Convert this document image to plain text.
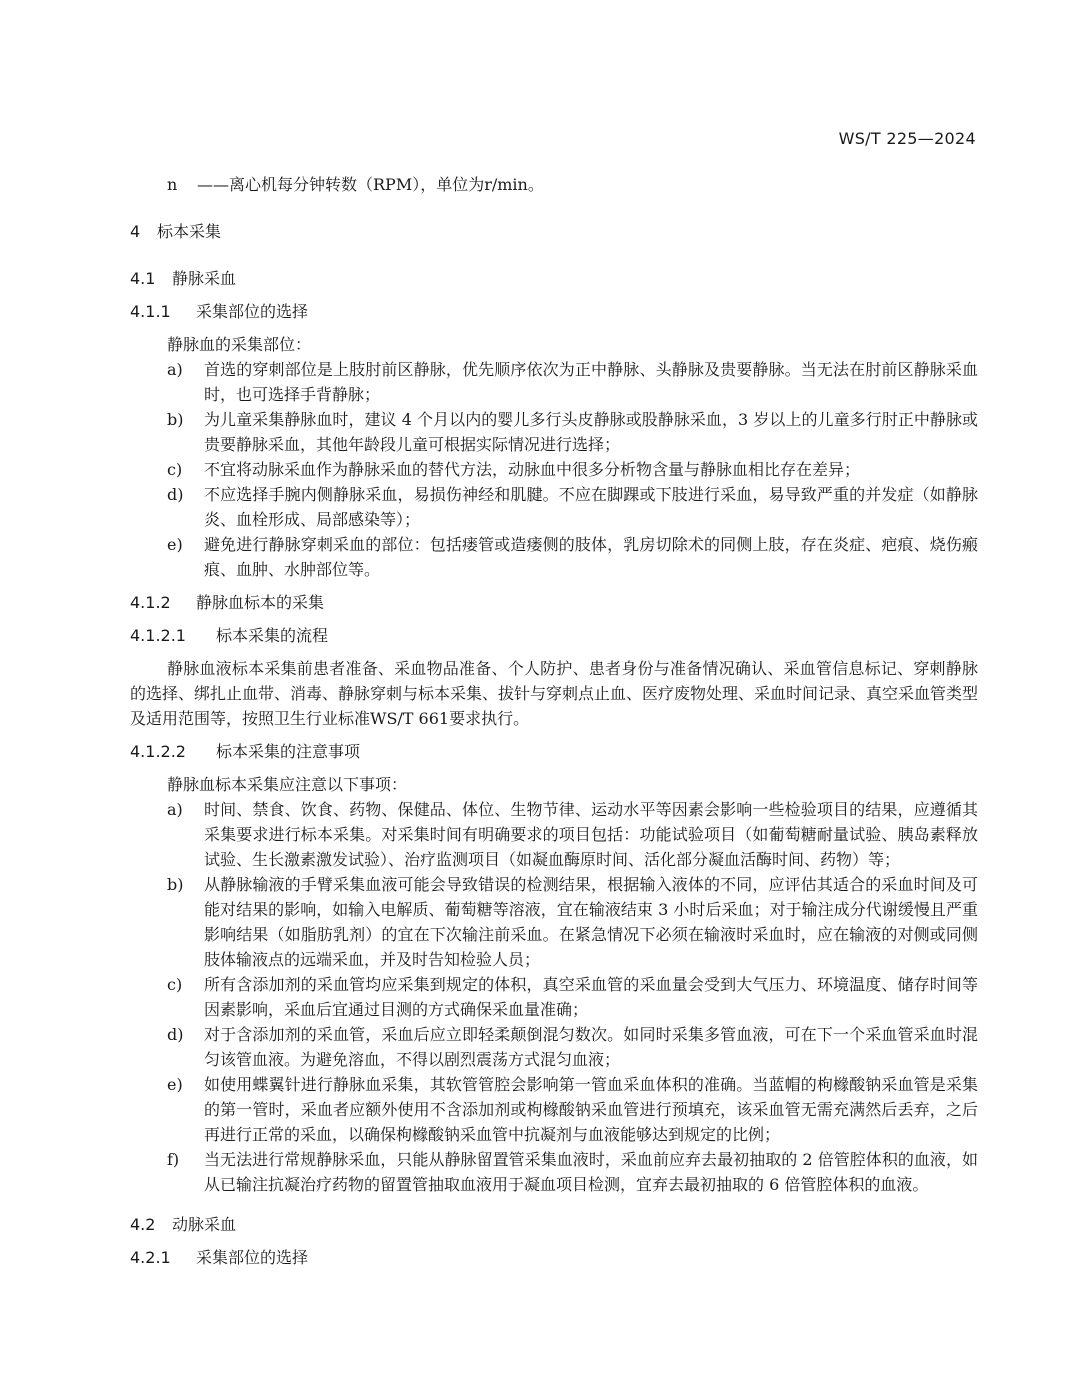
WS/T 225—2024
n	——离心机每分钟转数（RPM），单位为r/min。
4	标本采集
4.1	静脉采血
4.1.1	采集部位的选择
静脉血的采集部位：
a)	首选的穿刺部位是上肢肘前区静脉，优先顺序依次为正中静脉、头静脉及贵要静脉。当无法在肘前区静脉采血时，也可选择手背静脉；
b)	为儿童采集静脉血时，建议 4 个月以内的婴儿多行头皮静脉或股静脉采血，3 岁以上的儿童多行肘正中静脉或贵要静脉采血，其他年龄段儿童可根据实际情况进行选择；
c)	不宜将动脉采血作为静脉采血的替代方法，动脉血中很多分析物含量与静脉血相比存在差异；
d)	不应选择手腕内侧静脉采血，易损伤神经和肌腱。不应在脚踝或下肢进行采血，易导致严重的并发症（如静脉炎、血栓形成、局部感染等）；
e)	避免进行静脉穿刺采血的部位：包括瘘管或造瘘侧的肢体，乳房切除术的同侧上肢，存在炎症、疤痕、烧伤瘢痕、血肿、水肿部位等。
4.1.2	静脉血标本的采集
4.1.2.1	标本采集的流程
静脉血液标本采集前患者准备、采血物品准备、个人防护、患者身份与准备情况确认、采血管信息标记、穿刺静脉的选择、绑扎止血带、消毒、静脉穿刺与标本采集、拔针与穿刺点止血、医疗废物处理、采血时间记录、真空采血管类型及适用范围等，按照卫生行业标准WS/T 661要求执行。
4.1.2.2	标本采集的注意事项
静脉血标本采集应注意以下事项：
a)	时间、禁食、饮食、药物、保健品、体位、生物节律、运动水平等因素会影响一些检验项目的结果，应遵循其采集要求进行标本采集。对采集时间有明确要求的项目包括：功能试验项目（如葡萄糖耐量试验、胰岛素释放试验、生长激素激发试验）、治疗监测项目（如凝血酶原时间、活化部分凝血活酶时间、药物）等；
b)	从静脉输液的手臂采集血液可能会导致错误的检测结果，根据输入液体的不同，应评估其适合的采血时间及可能对结果的影响，如输入电解质、葡萄糖等溶液，宜在输液结束 3 小时后采血；对于输注成分代谢缓慢且严重影响结果（如脂肪乳剂）的宜在下次输注前采血。在紧急情况下必须在输液时采血时，应在输液的对侧或同侧肢体输液点的远端采血，并及时告知检验人员；
c)	所有含添加剂的采血管均应采集到规定的体积，真空采血管的采血量会受到大气压力、环境温度、储存时间等因素影响，采血后宜通过目测的方式确保采血量准确；
d)	对于含添加剂的采血管，采血后应立即轻柔颠倒混匀数次。如同时采集多管血液，可在下一个采血管采血时混匀该管血液。为避免溶血，不得以剧烈震荡方式混匀血液；
e)	如使用蝶翼针进行静脉血采集，其软管管腔会影响第一管血采血体积的准确。当蓝帽的枸橼酸钠采血管是采集的第一管时，采血者应额外使用不含添加剂或枸橼酸钠采血管进行预填充，该采血管无需充满然后丢弃，之后再进行正常的采血，以确保枸橼酸钠采血管中抗凝剂与血液能够达到规定的比例；
f)	当无法进行常规静脉采血，只能从静脉留置管采集血液时，采血前应弃去最初抽取的 2 倍管腔体积的血液，如从已输注抗凝治疗药物的留置管抽取血液用于凝血项目检测，宜弃去最初抽取的 6 倍管腔体积的血液。
4.2	动脉采血
4.2.1	采集部位的选择
